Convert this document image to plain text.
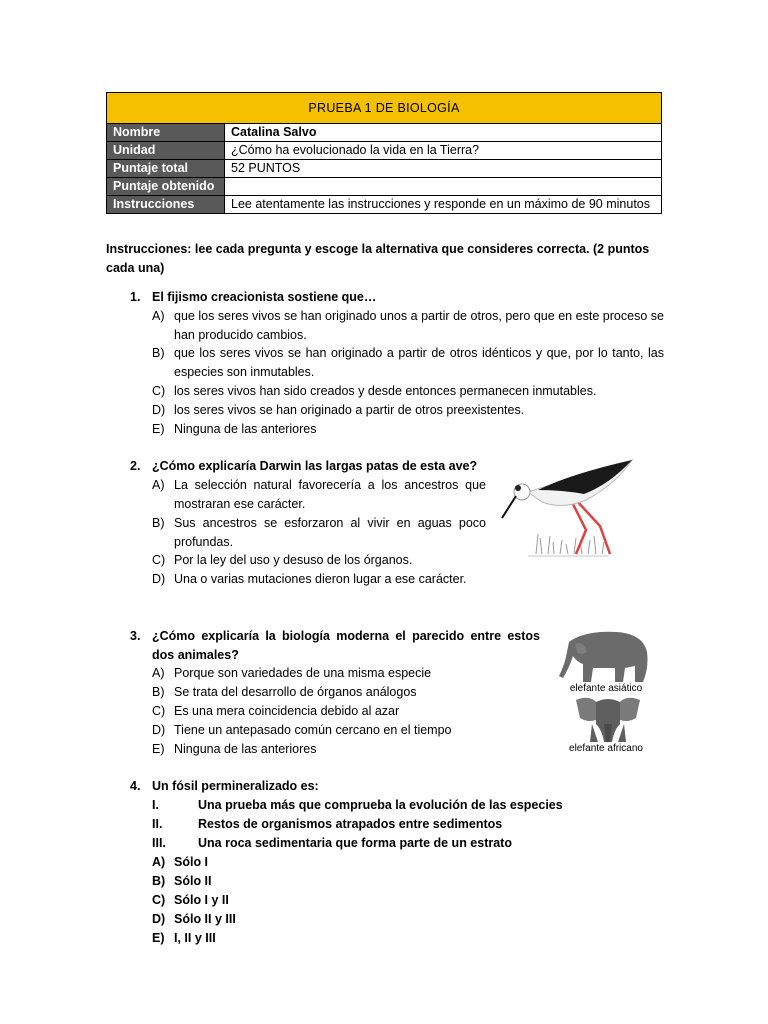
PRUEBA 1 DE BIOLOGÍA	
Nombre	Catalina Salvo
Unidad	¿Cómo ha evolucionado la vida en la Tierra?
Puntaje total	52 PUNTOS
Puntaje obtenido	
Instrucciones	Lee atentamente las instrucciones y responde en un máximo de 90 minutos
Instrucciones: lee cada pregunta y escoge la alternativa que consideres correcta. (2 puntos cada una)
1. El fijismo creacionista sostiene que…
A) que los seres vivos se han originado unos a partir de otros, pero que en este proceso se han producido cambios.
B) que los seres vivos se han originado a partir de otros idénticos y que, por lo tanto, las especies son inmutables.
C) los seres vivos han sido creados y desde entonces permanecen inmutables.
D) los seres vivos se han originado a partir de otros preexistentes.
E) Ninguna de las anteriores
2. ¿Cómo explicaría Darwin las largas patas de esta ave?
A) La selección natural favorecería a los ancestros que mostraran ese carácter.
B) Sus ancestros se esforzaron al vivir en aguas poco profundas.
C) Por la ley del uso y desuso de los órganos.
D) Una o varias mutaciones dieron lugar a ese carácter.
3. ¿Cómo explicaría la biología moderna el parecido entre estos dos animales?
A) Porque son variedades de una misma especie
B) Se trata del desarrollo de órganos análogos
C) Es una mera coincidencia debido al azar
D) Tiene un antepasado común cercano en el tiempo
E) Ninguna de las anteriores
elefante asiático
elefante africano
4. Un fósil permineralizado es:
I.	Una prueba más que comprueba la evolución de las especies
II.	Restos de organismos atrapados entre sedimentos
III.	Una roca sedimentaria que forma parte de un estrato
A) Sólo I
B) Sólo II
C) Sólo I y II
D) Sólo II y III
E) I, II y III
